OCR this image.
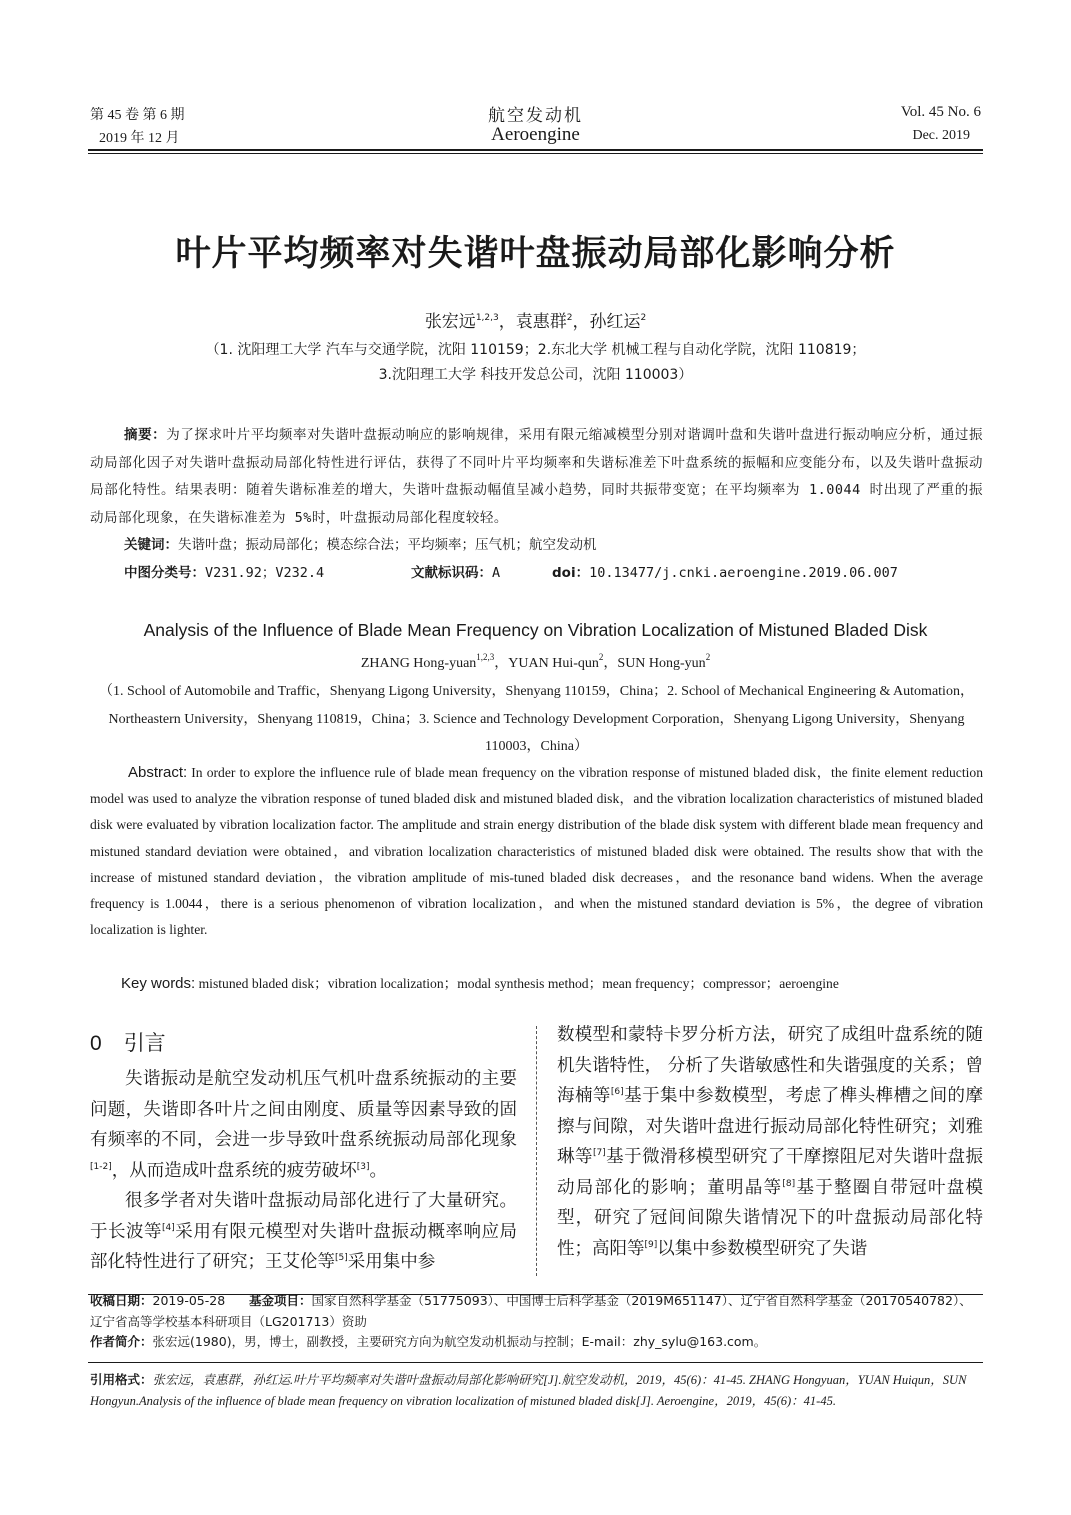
第 45 卷 第 6 期
2019 年 12 月
航空发动机
Aeroengine
Vol. 45 No. 6
Dec. 2019
叶片平均频率对失谐叶盘振动局部化影响分析
张宏远$^{1,2,3}$，袁惠群$^2$，孙红运$^2$
（1. 沈阳理工大学 汽车与交通学院，沈阳 110159；2.东北大学 机械工程与自动化学院，沈阳 110819；
3.沈阳理工大学 科技开发总公司，沈阳 110003）
摘要：为了探求叶片平均频率对失谐叶盘振动响应的影响规律，采用有限元缩减模型分别对谐调叶盘和失谐叶盘进行振动响应分析，通过振动局部化因子对失谐叶盘振动局部化特性进行评估，获得了不同叶片平均频率和失谐标准差下叶盘系统的振幅和应变能分布，以及失谐叶盘振动局部化特性。结果表明：随着失谐标准差的增大，失谐叶盘振动幅值呈减小趋势，同时共振带变宽；在平均频率为 1.0044 时出现了严重的振动局部化现象，在失谐标准差为 5%时，叶盘振动局部化程度较轻。
关键词：失谐叶盘；振动局部化；模态综合法；平均频率；压气机；航空发动机
中图分类号：V231.92；V232.4	文献标识码：A	doi：10.13477/j.cnki.aeroengine.2019.06.007
Analysis of the Influence of Blade Mean Frequency on Vibration Localization of Mistuned Bladed Disk
ZHANG Hong-yuan$^{1,2,3}$，YUAN Hui-qun$^2$，SUN Hong-yun$^2$
（1. School of Automobile and Traffic，Shenyang Ligong University，Shenyang 110159，China；2. School of Mechanical Engineering & Automation，Northeastern University，Shenyang 110819，China；3. Science and Technology Development Corporation，Shenyang Ligong University，Shenyang 110003，China）
Abstract: In order to explore the influence rule of blade mean frequency on the vibration response of mistuned bladed disk，the finite element reduction model was used to analyze the vibration response of tuned bladed disk and mistuned bladed disk，and the vibration localization characteristics of mistuned bladed disk were evaluated by vibration localization factor. The amplitude and strain energy distribution of the blade disk system with different blade mean frequency and mistuned standard deviation were obtained，and vibration localization characteristics of mistuned bladed disk were obtained. The results show that with the increase of mistuned standard deviation，the vibration amplitude of mis-tuned bladed disk decreases，and the resonance band widens. When the average frequency is 1.0044，there is a serious phenomenon of vibration localization，and when the mistuned standard deviation is 5%，the degree of vibration localization is lighter.
Key words: mistuned bladed disk；vibration localization；modal synthesis method；mean frequency；compressor；aeroengine
0 引言

失谐振动是航空发动机压气机叶盘系统振动的主要问题，失谐即各叶片之间由刚度、质量等因素导致的固有频率的不同，会进一步导致叶盘系统振动局部化现象[1-2]，从而造成叶盘系统的疲劳破坏[3]。

很多学者对失谐叶盘振动局部化进行了大量研究。于长波等[4]采用有限元模型对失谐叶盘振动概率响应局部化特性进行了研究；王艾伦等[5]采用集中参

数模型和蒙特卡罗分析方法，研究了成组叶盘系统的随机失谐特性， 分析了失谐敏感性和失谐强度的关系；曾海楠等[6]基于集中参数模型，考虑了榫头榫槽之间的摩擦与间隙，对失谐叶盘进行振动局部化特性研究；刘雅琳等[7]基于微滑移模型研究了干摩擦阻尼对失谐叶盘振动局部化的影响；董明晶等[8]基于整圈自带冠叶盘模型，研究了冠间间隙失谐情况下的叶盘振动局部化特性；高阳等[9]以集中参数模型研究了失谐

收稿日期：2019-05-28 基金项目：国家自然科学基金（51775093）、中国博士后科学基金（2019M651147）、辽宁省自然科学基金（20170540782）、辽宁省高等学校基本科研项目（LG201713）资助
作者简介：张宏远(1980)，男，博士，副教授，主要研究方向为航空发动机振动与控制；E-mail：zhy_sylu@163.com。
引用格式：张宏远，袁惠群，孙红运.叶片平均频率对失谐叶盘振动局部化影响研究[J].航空发动机，2019，45(6)：41-45. ZHANG Hongyuan，YUAN Huiqun，SUN Hongyun.Analysis of the influence of blade mean frequency on vibration localization of mistuned bladed disk[J]. Aeroengine，2019，45(6)：41-45.
